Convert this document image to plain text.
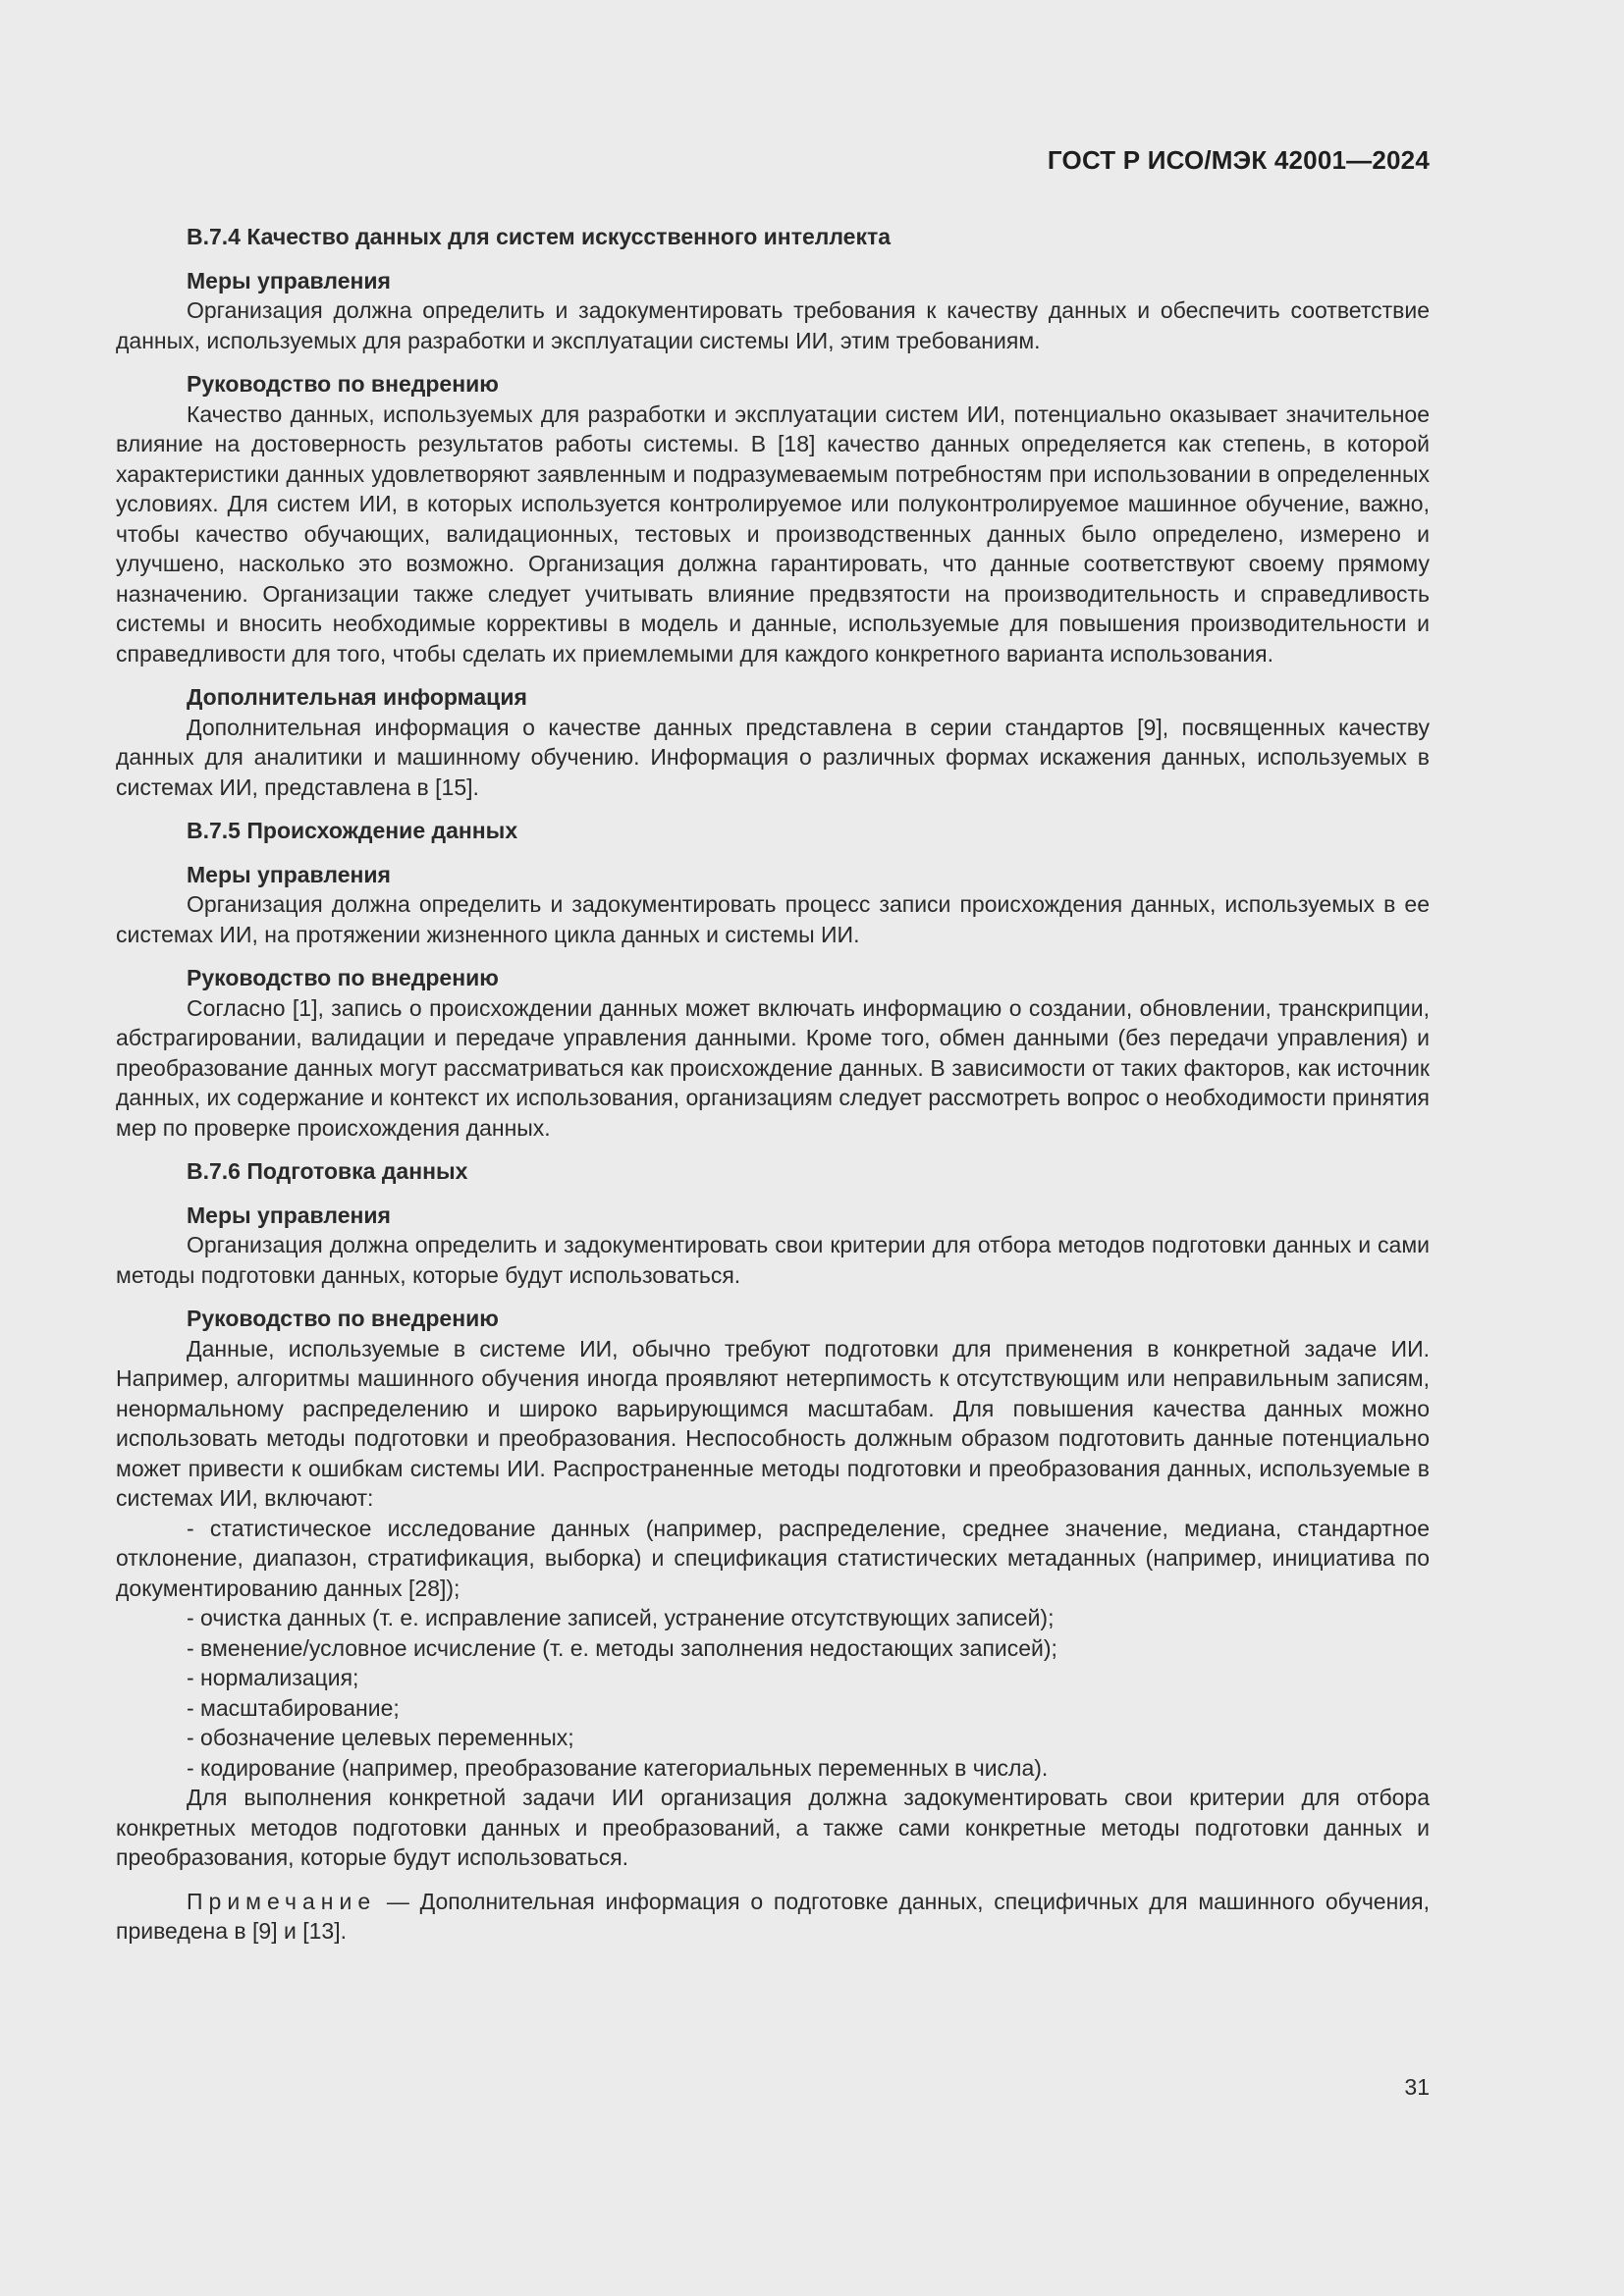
ГОСТ Р ИСО/МЭК 42001—2024
В.7.4 Качество данных для систем искусственного интеллекта
Меры управления

Организация должна определить и задокументировать требования к качеству данных и обеспечить соответствие данных, используемых для разработки и эксплуатации системы ИИ, этим требованиям.

Руководство по внедрению

Качество данных, используемых для разработки и эксплуатации систем ИИ, потенциально оказывает значительное влияние на достоверность результатов работы системы. В [18] качество данных определяется как степень, в которой характеристики данных удовлетворяют заявленным и подразумеваемым потребностям при использовании в определенных условиях. Для систем ИИ, в которых используется контролируемое или полуконтролируемое машинное обучение, важно, чтобы качество обучающих, валидационных, тестовых и производственных данных было определено, измерено и улучшено, насколько это возможно. Организация должна гарантировать, что данные соответствуют своему прямому назначению. Организации также следует учитывать влияние предвзятости на производительность и справедливость системы и вносить необходимые коррективы в модель и данные, используемые для повышения производительности и справедливости для того, чтобы сделать их приемлемыми для каждого конкретного варианта использования.

Дополнительная информация

Дополнительная информация о качестве данных представлена в серии стандартов [9], посвященных качеству данных для аналитики и машинному обучению. Информация о различных формах искажения данных, используемых в системах ИИ, представлена в [15].

В.7.5 Происхождение данных
Меры управления

Организация должна определить и задокументировать процесс записи происхождения данных, используемых в ее системах ИИ, на протяжении жизненного цикла данных и системы ИИ.

Руководство по внедрению

Согласно [1], запись о происхождении данных может включать информацию о создании, обновлении, транскрипции, абстрагировании, валидации и передаче управления данными. Кроме того, обмен данными (без передачи управления) и преобразование данных могут рассматриваться как происхождение данных. В зависимости от таких факторов, как источник данных, их содержание и контекст их использования, организациям следует рассмотреть вопрос о необходимости принятия мер по проверке происхождения данных.

В.7.6 Подготовка данных
Меры управления

Организация должна определить и задокументировать свои критерии для отбора методов подготовки данных и сами методы подготовки данных, которые будут использоваться.

Руководство по внедрению

Данные, используемые в системе ИИ, обычно требуют подготовки для применения в конкретной задаче ИИ. Например, алгоритмы машинного обучения иногда проявляют нетерпимость к отсутствующим или неправильным записям, ненормальному распределению и широко варьирующимся масштабам. Для повышения качества данных можно использовать методы подготовки и преобразования. Неспособность должным образом подготовить данные потенциально может привести к ошибкам системы ИИ. Распространенные методы подготовки и преобразования данных, используемые в системах ИИ, включают:

- статистическое исследование данных (например, распределение, среднее значение, медиана, стандартное отклонение, диапазон, стратификация, выборка) и спецификация статистических метаданных (например, инициатива по документированию данных [28]);

- очистка данных (т. е. исправление записей, устранение отсутствующих записей);

- вменение/условное исчисление (т. е. методы заполнения недостающих записей);

- нормализация;

- масштабирование;

- обозначение целевых переменных;

- кодирование (например, преобразование категориальных переменных в числа).

Для выполнения конкретной задачи ИИ организация должна задокументировать свои критерии для отбора конкретных методов подготовки данных и преобразований, а также сами конкретные методы подготовки данных и преобразования, которые будут использоваться.

Примечание — Дополнительная информация о подготовке данных, специфичных для машинного обучения, приведена в [9] и [13].

31
